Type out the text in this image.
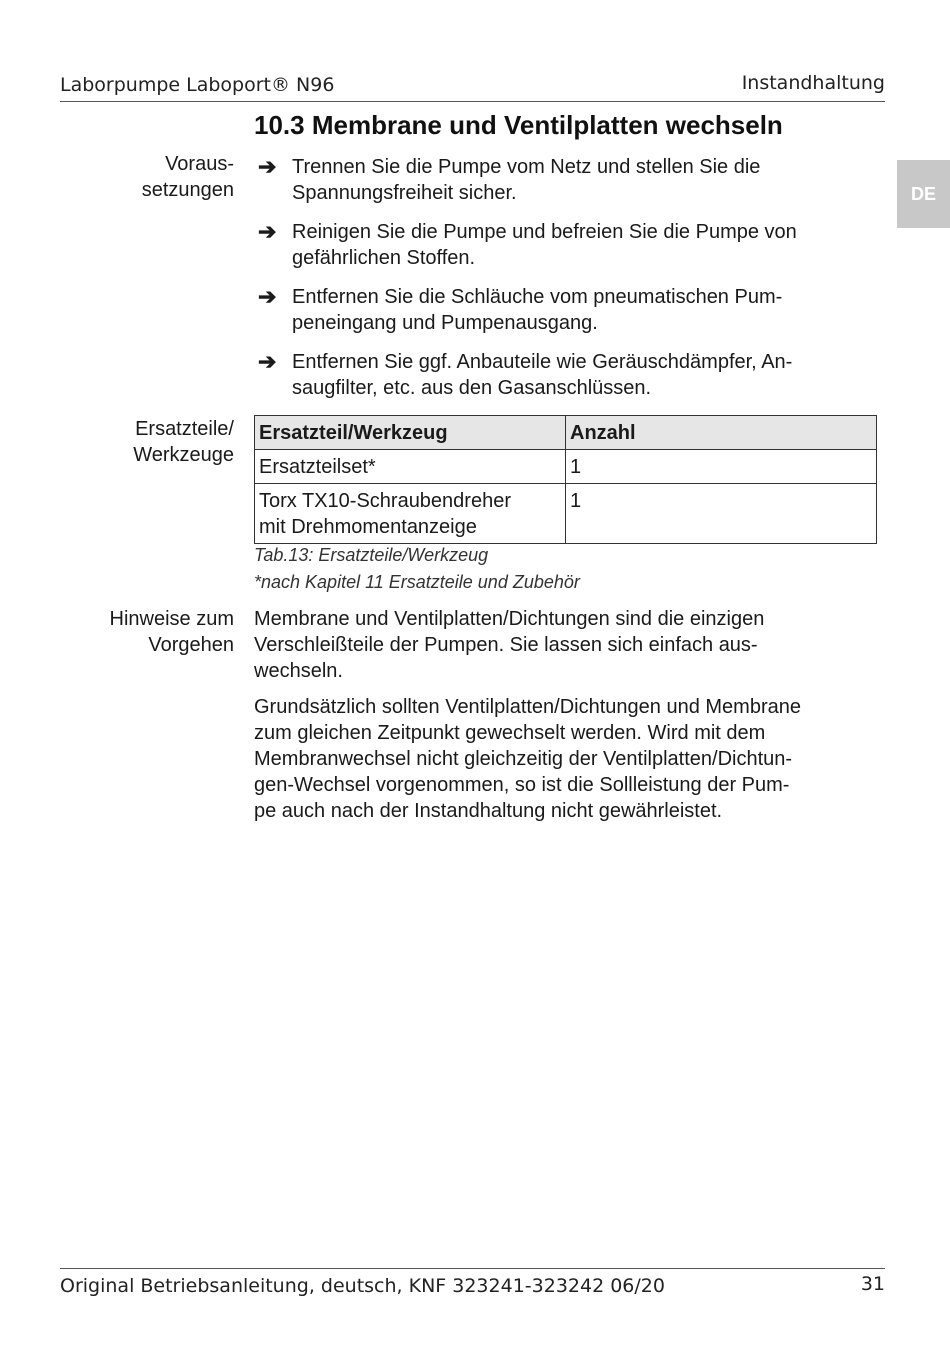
Laborpumpe Laboport® N96	Instandhaltung
DE
10.3 Membrane und Ventilplatten wechseln
Voraus-
setzungen
➔ Trennen Sie die Pumpe vom Netz und stellen Sie die
Spannungsfreiheit sicher.
➔ Reinigen Sie die Pumpe und befreien Sie die Pumpe von
gefährlichen Stoffen.
➔ Entfernen Sie die Schläuche vom pneumatischen Pum-
peneingang und Pumpenausgang.
➔ Entfernen Sie ggf. Anbauteile wie Geräuschdämpfer, An-
saugfilter, etc. aus den Gasanschlüssen.
Ersatzteile/
Werkzeuge
Ersatzteil/Werkzeug	Anzahl

Ersatzteilset*	1

Torx TX10-Schraubendreher
mit Drehmomentanzeige	1
Tab.13: Ersatzteile/Werkzeug
*nach Kapitel 11 Ersatzteile und Zubehör
Hinweise zum
Vorgehen
Membrane und Ventilplatten/Dichtungen sind die einzigen
Verschleißteile der Pumpen. Sie lassen sich einfach aus-
wechseln.
Grundsätzlich sollten Ventilplatten/Dichtungen und Membrane
zum gleichen Zeitpunkt gewechselt werden. Wird mit dem
Membranwechsel nicht gleichzeitig der Ventilplatten/Dichtun-
gen-Wechsel vorgenommen, so ist die Sollleistung der Pum-
pe auch nach der Instandhaltung nicht gewährleistet.
Original Betriebsanleitung, deutsch, KNF 323241-323242 06/20	31
